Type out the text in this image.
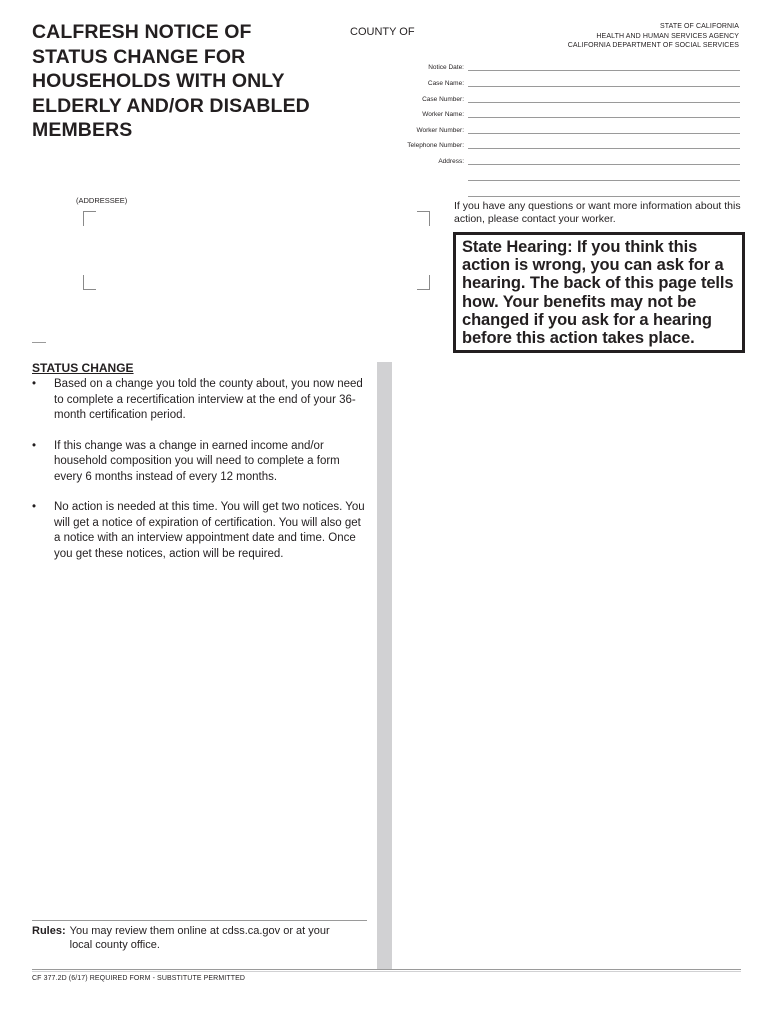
CALFRESH NOTICE OF
STATUS CHANGE FOR
HOUSEHOLDS WITH ONLY
ELDERLY AND/OR DISABLED
MEMBERS
COUNTY OF	STATE OF CALIFORNIA
HEALTH AND HUMAN SERVICES AGENCY
CALIFORNIA DEPARTMENT OF SOCIAL SERVICES
Notice Date:
Case Name:
Case Number:
Worker Name:
Worker Number:
Telephone Number:
Address:
(ADDRESSEE)	If you have any questions or want more information about this action, please contact your worker.
State Hearing: If you think this action is wrong, you can ask for a hearing. The back of this page tells how. Your benefits may not be changed if you ask for a hearing before this action takes place.
STATUS CHANGE
• Based on a change you told the county about, you now need to complete a recertification interview at the end of your 36-month certification period.
• If this change was a change in earned income and/or household composition you will need to complete a form every 6 months instead of every 12 months.
• No action is needed at this time. You will get two notices. You will get a notice of expiration of certification. You will also get a notice with an interview appointment date and time. Once you get these notices, action will be required.
Rules: You may review them online at cdss.ca.gov or at your local county office.
CF 377.2D (6/17) REQUIRED FORM - SUBSTITUTE PERMITTED
